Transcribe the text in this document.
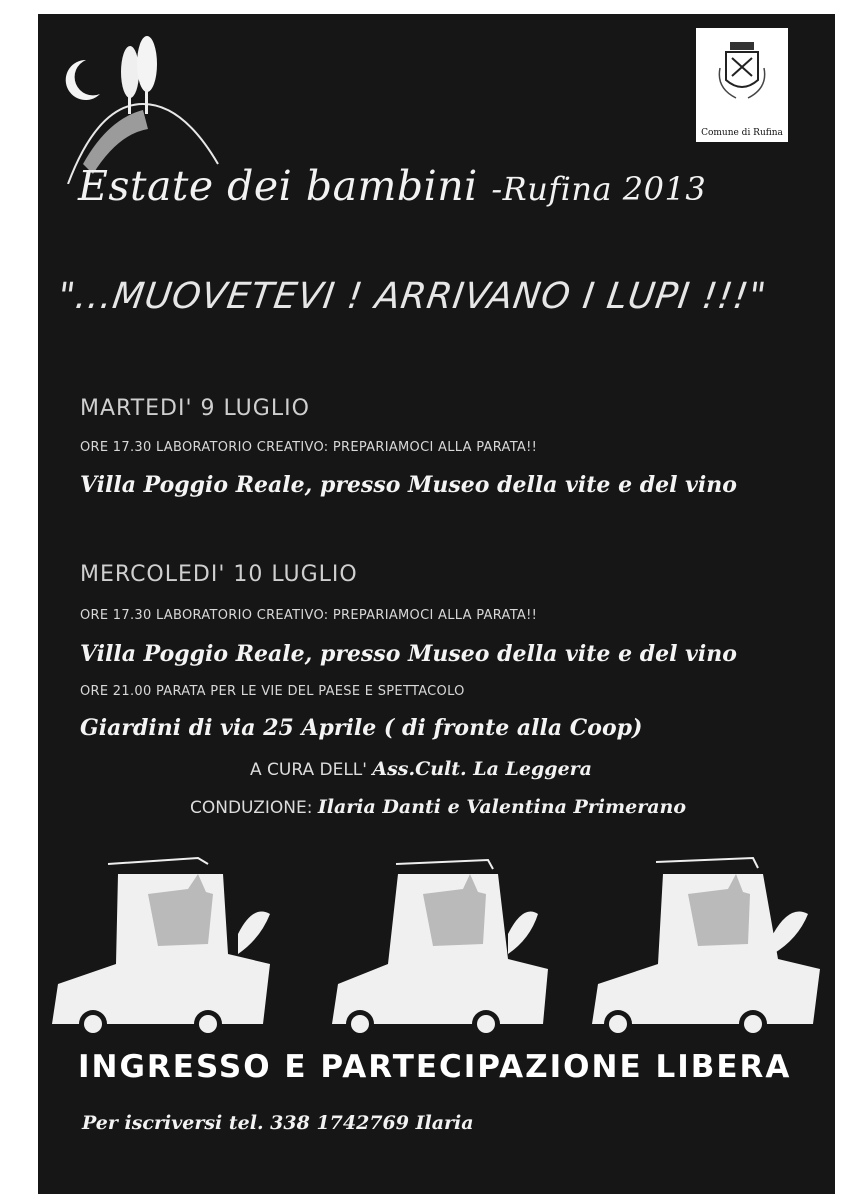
Comune di Rufina
Estate dei bambini -Rufina 2013
"...MUOVETEVI ! ARRIVANO I LUPI !!!"
MARTEDI' 9 LUGLIO
ORE 17.30 LABORATORIO CREATIVO: PREPARIAMOCI ALLA PARATA!!
Villa Poggio Reale, presso Museo della vite e del vino
MERCOLEDI' 10 LUGLIO
ORE 17.30 LABORATORIO CREATIVO: PREPARIAMOCI ALLA PARATA!!
Villa Poggio Reale, presso Museo della vite e del vino
ORE 21.00 PARATA PER LE VIE DEL PAESE E SPETTACOLO
Giardini di via 25 Aprile ( di fronte alla Coop)
A CURA DELL' Ass.Cult. La Leggera
CONDUZIONE: Ilaria Danti e Valentina Primerano
INGRESSO E PARTECIPAZIONE LIBERA
Per iscriversi tel. 338 1742769 Ilaria
